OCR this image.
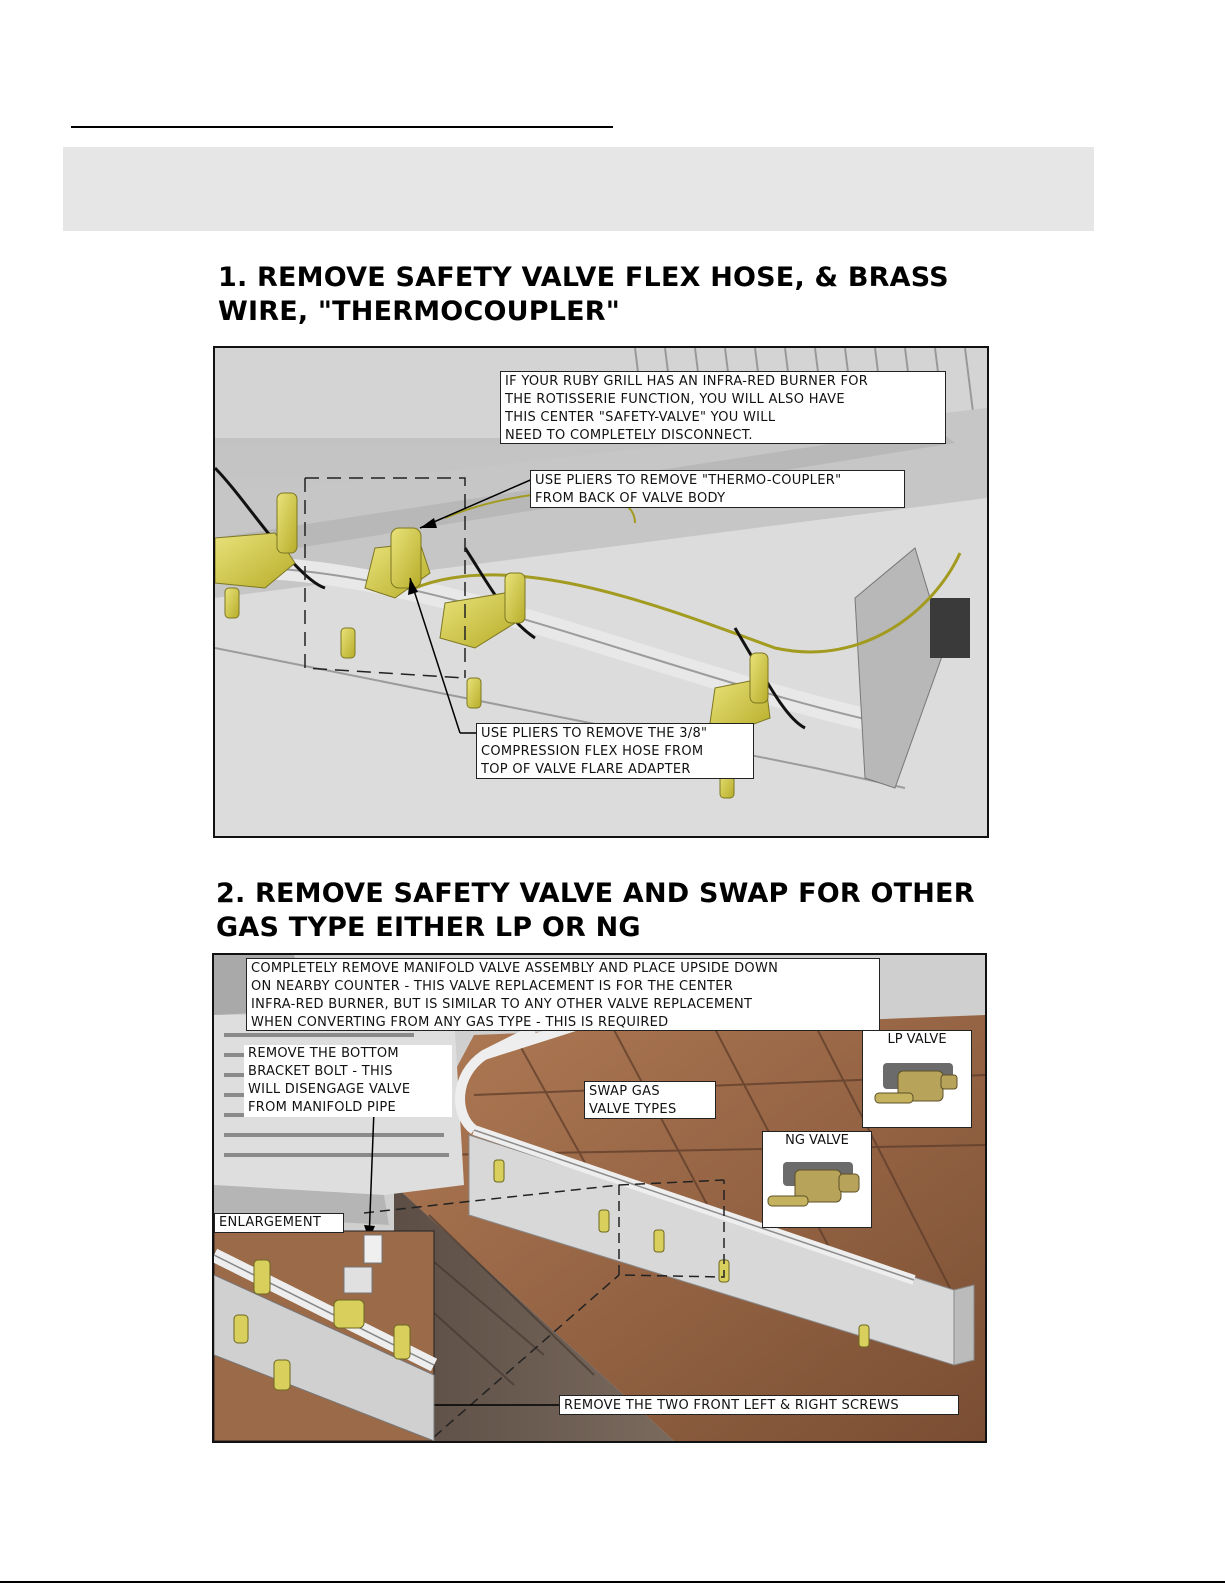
1. REMOVE SAFETY VALVE FLEX HOSE, & BRASS WIRE, "THERMOCOUPLER"
IF YOUR RUBY GRILL HAS AN INFRA-RED BURNER FOR
THE ROTISSERIE FUNCTION, YOU WILL ALSO HAVE
THIS CENTER "SAFETY-VALVE" YOU WILL
NEED TO COMPLETELY DISCONNECT.
USE PLIERS TO REMOVE "THERMO-COUPLER"
FROM BACK OF VALVE BODY
USE PLIERS TO REMOVE THE 3/8"
COMPRESSION FLEX HOSE FROM
TOP OF VALVE FLARE ADAPTER
2. REMOVE SAFETY VALVE AND SWAP FOR OTHER GAS TYPE EITHER LP OR NG
COMPLETELY REMOVE MANIFOLD VALVE ASSEMBLY AND PLACE UPSIDE DOWN
ON NEARBY COUNTER - THIS VALVE REPLACEMENT IS FOR THE CENTER
INFRA-RED BURNER, BUT IS SIMILAR TO ANY OTHER VALVE REPLACEMENT
WHEN CONVERTING FROM ANY GAS TYPE - THIS IS REQUIRED
REMOVE THE BOTTOM
BRACKET BOLT - THIS
WILL DISENGAGE VALVE
FROM MANIFOLD PIPE
SWAP GAS
VALVE TYPES
LP VALVE
NG VALVE
ENLARGEMENT
REMOVE THE TWO FRONT LEFT & RIGHT SCREWS
